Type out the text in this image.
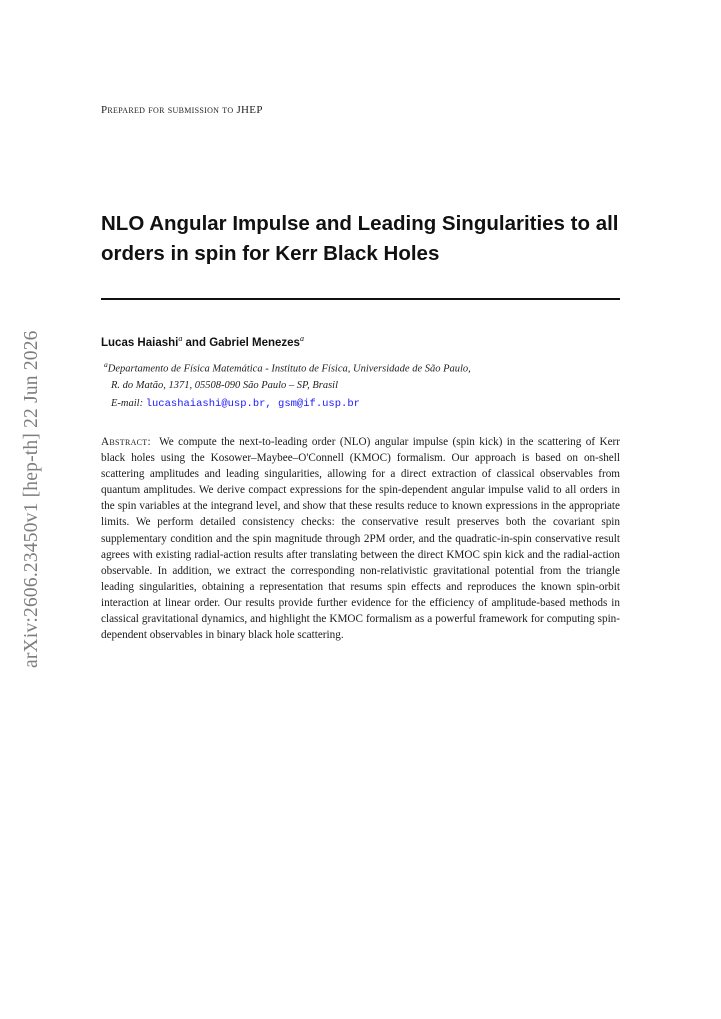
arXiv:2606.23450v1 [hep-th] 22 Jun 2026
Prepared for submission to JHEP
NLO Angular Impulse and Leading Singularities to all orders in spin for Kerr Black Holes
Lucas Haiashi$^a$ and Gabriel Menezes$^a$
$^a$Departamento de Física Matemática - Instituto de Física, Universidade de São Paulo,
R. do Matão, 1371, 05508-090 São Paulo – SP, Brasil
E-mail: lucashaiashi@usp.br, gsm@if.usp.br

Abstract: We compute the next-to-leading order (NLO) angular impulse (spin kick) in the scattering of Kerr black holes using the Kosower–Maybee–O'Connell (KMOC) formalism. Our approach is based on on-shell scattering amplitudes and leading singularities, allowing for a direct extraction of classical observables from quantum amplitudes. We derive compact expressions for the spin-dependent angular impulse valid to all orders in the spin variables at the integrand level, and show that these results reduce to known expressions in the appropriate limits. We perform detailed consistency checks: the conservative result preserves both the covariant spin supplementary condition and the spin magnitude through 2PM order, and the quadratic-in-spin conservative result agrees with existing radial-action results after translating between the direct KMOC spin kick and the radial-action observable. In addition, we extract the corresponding non-relativistic gravitational potential from the triangle leading singularities, obtaining a representation that resums spin effects and reproduces the known spin-orbit interaction at linear order. Our results provide further evidence for the efficiency of amplitude-based methods in classical gravitational dynamics, and highlight the KMOC formalism as a powerful framework for computing spin-dependent observables in binary black hole scattering.
